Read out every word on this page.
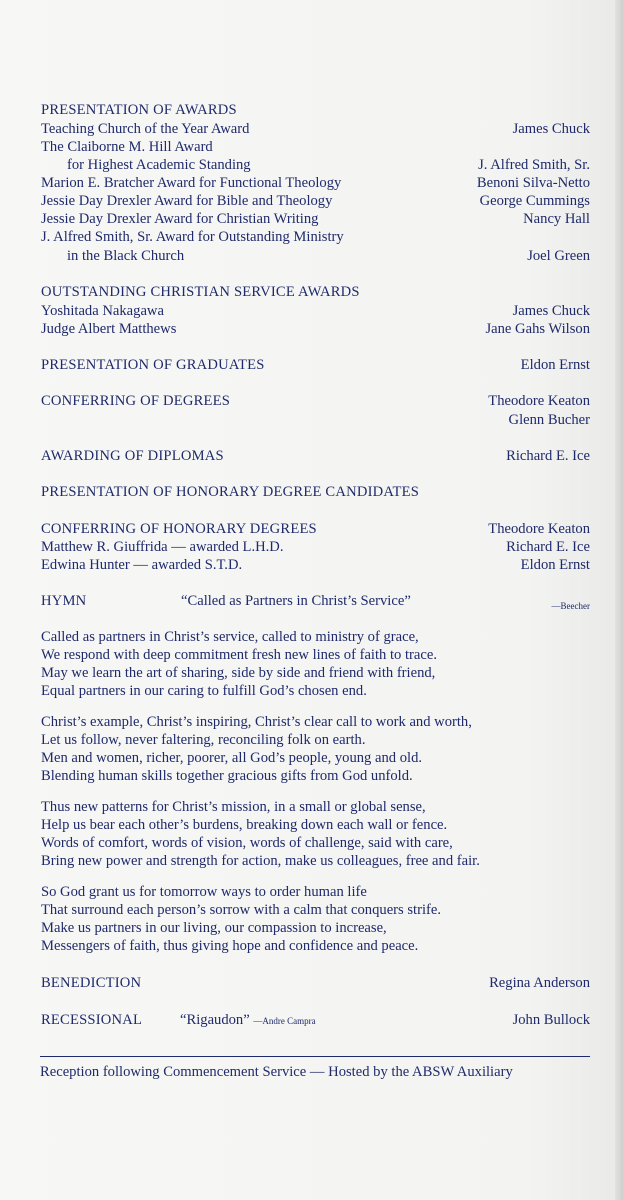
PRESENTATION OF AWARDS
Teaching Church of the Year Award	James Chuck
The Claiborne M. Hill Award
for Highest Academic Standing	J. Alfred Smith, Sr.
Marion E. Bratcher Award for Functional Theology	Benoni Silva-Netto
Jessie Day Drexler Award for Bible and Theology	George Cummings
Jessie Day Drexler Award for Christian Writing	Nancy Hall
J. Alfred Smith, Sr. Award for Outstanding Ministry
in the Black Church	Joel Green
OUTSTANDING CHRISTIAN SERVICE AWARDS
Yoshitada Nakagawa	James Chuck
Judge Albert Matthews	Jane Gahs Wilson
PRESENTATION OF GRADUATES	Eldon Ernst
CONFERRING OF DEGREES	Theodore Keaton
Glenn Bucher
AWARDING OF DIPLOMAS	Richard E. Ice
PRESENTATION OF HONORARY DEGREE CANDIDATES
CONFERRING OF HONORARY DEGREES	Theodore Keaton
Matthew R. Giuffrida — awarded L.H.D.	Richard E. Ice
Edwina Hunter — awarded S.T.D.	Eldon Ernst
HYMN	“Called as Partners in Christ’s Service”	—Beecher
Called as partners in Christ’s service, called to ministry of grace,
We respond with deep commitment fresh new lines of faith to trace.
May we learn the art of sharing, side by side and friend with friend,
Equal partners in our caring to fulfill God’s chosen end.
Christ’s example, Christ’s inspiring, Christ’s clear call to work and worth,
Let us follow, never faltering, reconciling folk on earth.
Men and women, richer, poorer, all God’s people, young and old.
Blending human skills together gracious gifts from God unfold.
Thus new patterns for Christ’s mission, in a small or global sense,
Help us bear each other’s burdens, breaking down each wall or fence.
Words of comfort, words of vision, words of challenge, said with care,
Bring new power and strength for action, make us colleagues, free and fair.
So God grant us for tomorrow ways to order human life
That surround each person’s sorrow with a calm that conquers strife.
Make us partners in our living, our compassion to increase,
Messengers of faith, thus giving hope and confidence and peace.
BENEDICTION	Regina Anderson
RECESSIONAL	“Rigaudon” —Andre Campra	John Bullock
Reception following Commencement Service — Hosted by the ABSW Auxiliary
